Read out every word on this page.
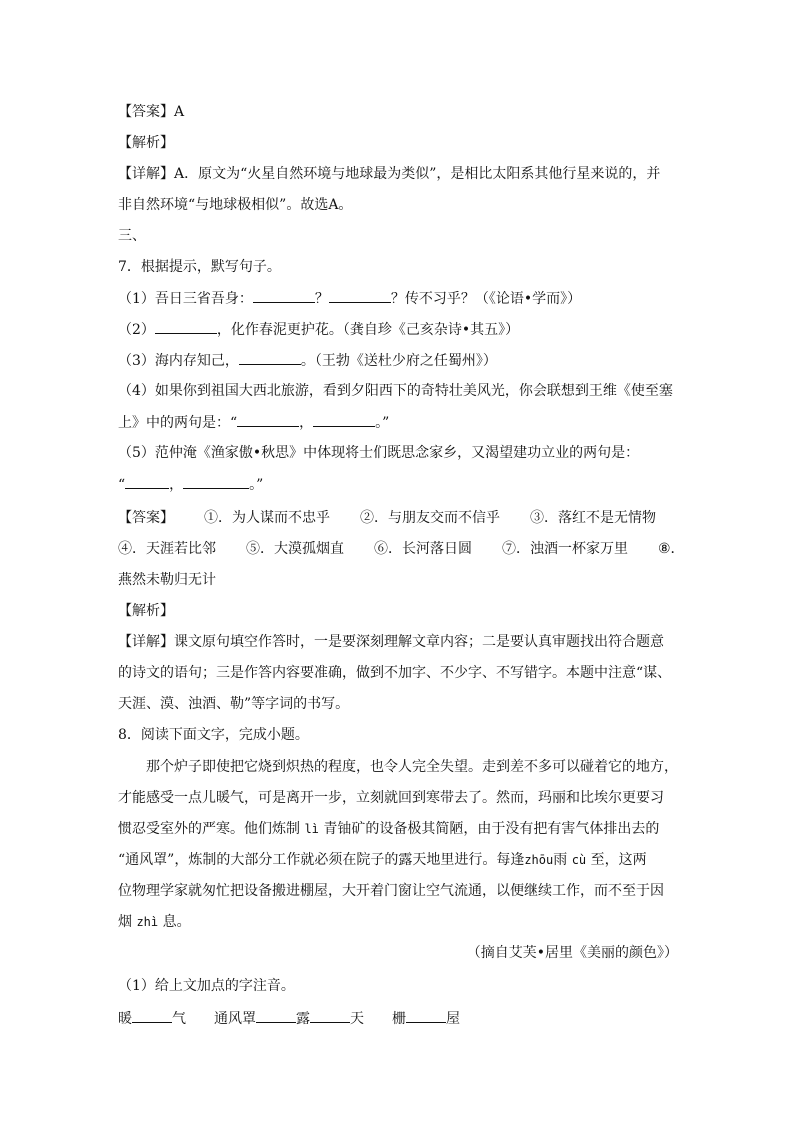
【答案】A
【解析】
【详解】A．原文为“火星自然环境与地球最为类似”，是相比太阳系其他行星来说的，并
非自然环境“与地球极相似”。故选A。
三、
7．根据提示，默写句子。
（1）吾日三省吾身：	？	？传不习乎？（《论语•学而》）
（2）	，化作春泥更护花。（龚自珍《己亥杂诗•其五》）
（3）海内存知己，	。（王勃《送杜少府之任蜀州》）
（4）如果你到祖国大西北旅游，看到夕阳西下的奇特壮美风光，你会联想到王维《使至塞
上》中的两句是：“	，	。”
（5）范仲淹《渔家傲•秋思》中体现将士们既思念家乡，又渴望建功立业的两句是：
“	，	。”
【答案】 ①．为人谋而不忠乎 ②．与朋友交而不信乎 ③．落红不是无情物
④．天涯若比邻 ⑤．大漠孤烟直 ⑥．长河落日圆 ⑦．浊酒一杯家万里 ⑧．
燕然未勒归无计
【解析】
【详解】课文原句填空作答时，一是要深刻理解文章内容；二是要认真审题找出符合题意
的诗文的语句；三是作答内容要准确，做到不加字、不少字、不写错字。本题中注意“谋、
天涯、漠、浊酒、勒”等字词的书写。
8．阅读下面文字，完成小题。
那个炉子即使把它烧到炽热的程度，也令人完全失望。走到差不多可以碰着它的地方，
才能感受一点儿暖气，可是离开一步，立刻就回到寒带去了。然而，玛丽和比埃尔更要习
惯忍受室外的严寒。他们炼制 lì 青铀矿的设备极其简陋，由于没有把有害气体排出去的
“通风罩”，炼制的大部分工作就必须在院子的露天地里进行。每逢zhōu雨 cù 至，这两
位物理学家就匆忙把设备搬进棚屋，大开着门窗让空气流通，以便继续工作，而不至于因
烟 zhì 息。
（摘自艾芙•居里《美丽的颜色》）
（1）给上文加点的字注音。
暖	气 通风罩	露	天 栅	屋
